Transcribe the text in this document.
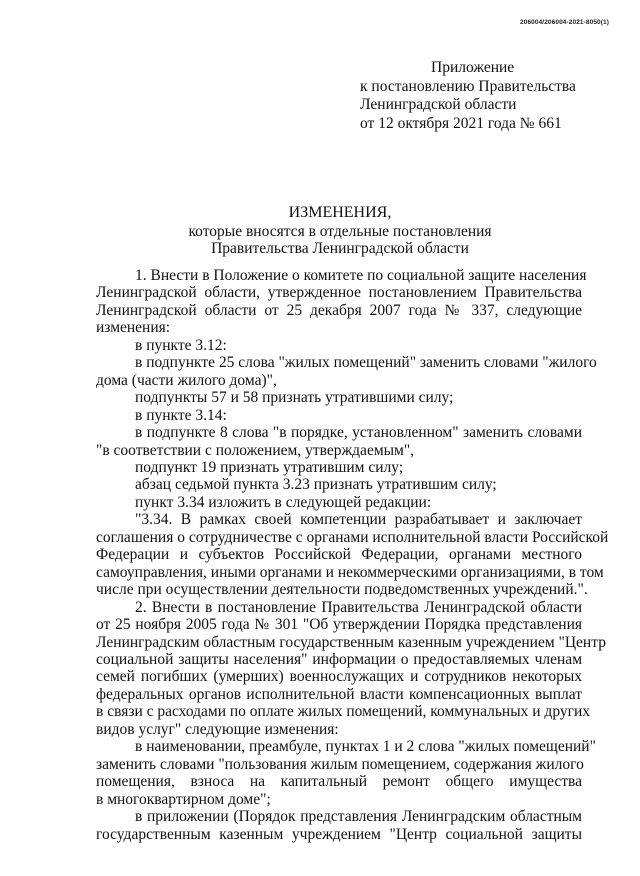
206004/206004-2021-8050(1)
Приложение
к постановлению Правительства
Ленинградской области
от 12 октября 2021 года № 661
ИЗМЕНЕНИЯ,
которые вносятся в отдельные постановления
Правительства Ленинградской области
1. Внести в Положение о комитете по социальной защите населения
Ленинградской области, утвержденное постановлением Правительства
Ленинградской области от 25 декабря 2007 года № 337, следующие
изменения:
в пункте 3.12:
в подпункте 25 слова "жилых помещений" заменить словами "жилого
дома (части жилого дома)",
подпункты 57 и 58 признать утратившими силу;
в пункте 3.14:
в подпункте 8 слова "в порядке, установленном" заменить словами
"в соответствии с положением, утверждаемым",
подпункт 19 признать утратившим силу;
абзац седьмой пункта 3.23 признать утратившим силу;
пункт 3.34 изложить в следующей редакции:
"3.34. В рамках своей компетенции разрабатывает и заключает
соглашения о сотрудничестве с органами исполнительной власти Российской
Федерации и субъектов Российской Федерации, органами местного
самоуправления, иными органами и некоммерческими организациями, в том
числе при осуществлении деятельности подведомственных учреждений.".
2. Внести в постановление Правительства Ленинградской области
от 25 ноября 2005 года № 301 "Об утверждении Порядка представления
Ленинградским областным государственным казенным учреждением "Центр
социальной защиты населения" информации о предоставляемых членам
семей погибших (умерших) военнослужащих и сотрудников некоторых
федеральных органов исполнительной власти компенсационных выплат
в связи с расходами по оплате жилых помещений, коммунальных и других
видов услуг" следующие изменения:
в наименовании, преамбуле, пунктах 1 и 2 слова "жилых помещений"
заменить словами "пользования жилым помещением, содержания жилого
помещения, взноса на капитальный ремонт общего имущества
в многоквартирном доме";
в приложении (Порядок представления Ленинградским областным
государственным казенным учреждением "Центр социальной защиты
